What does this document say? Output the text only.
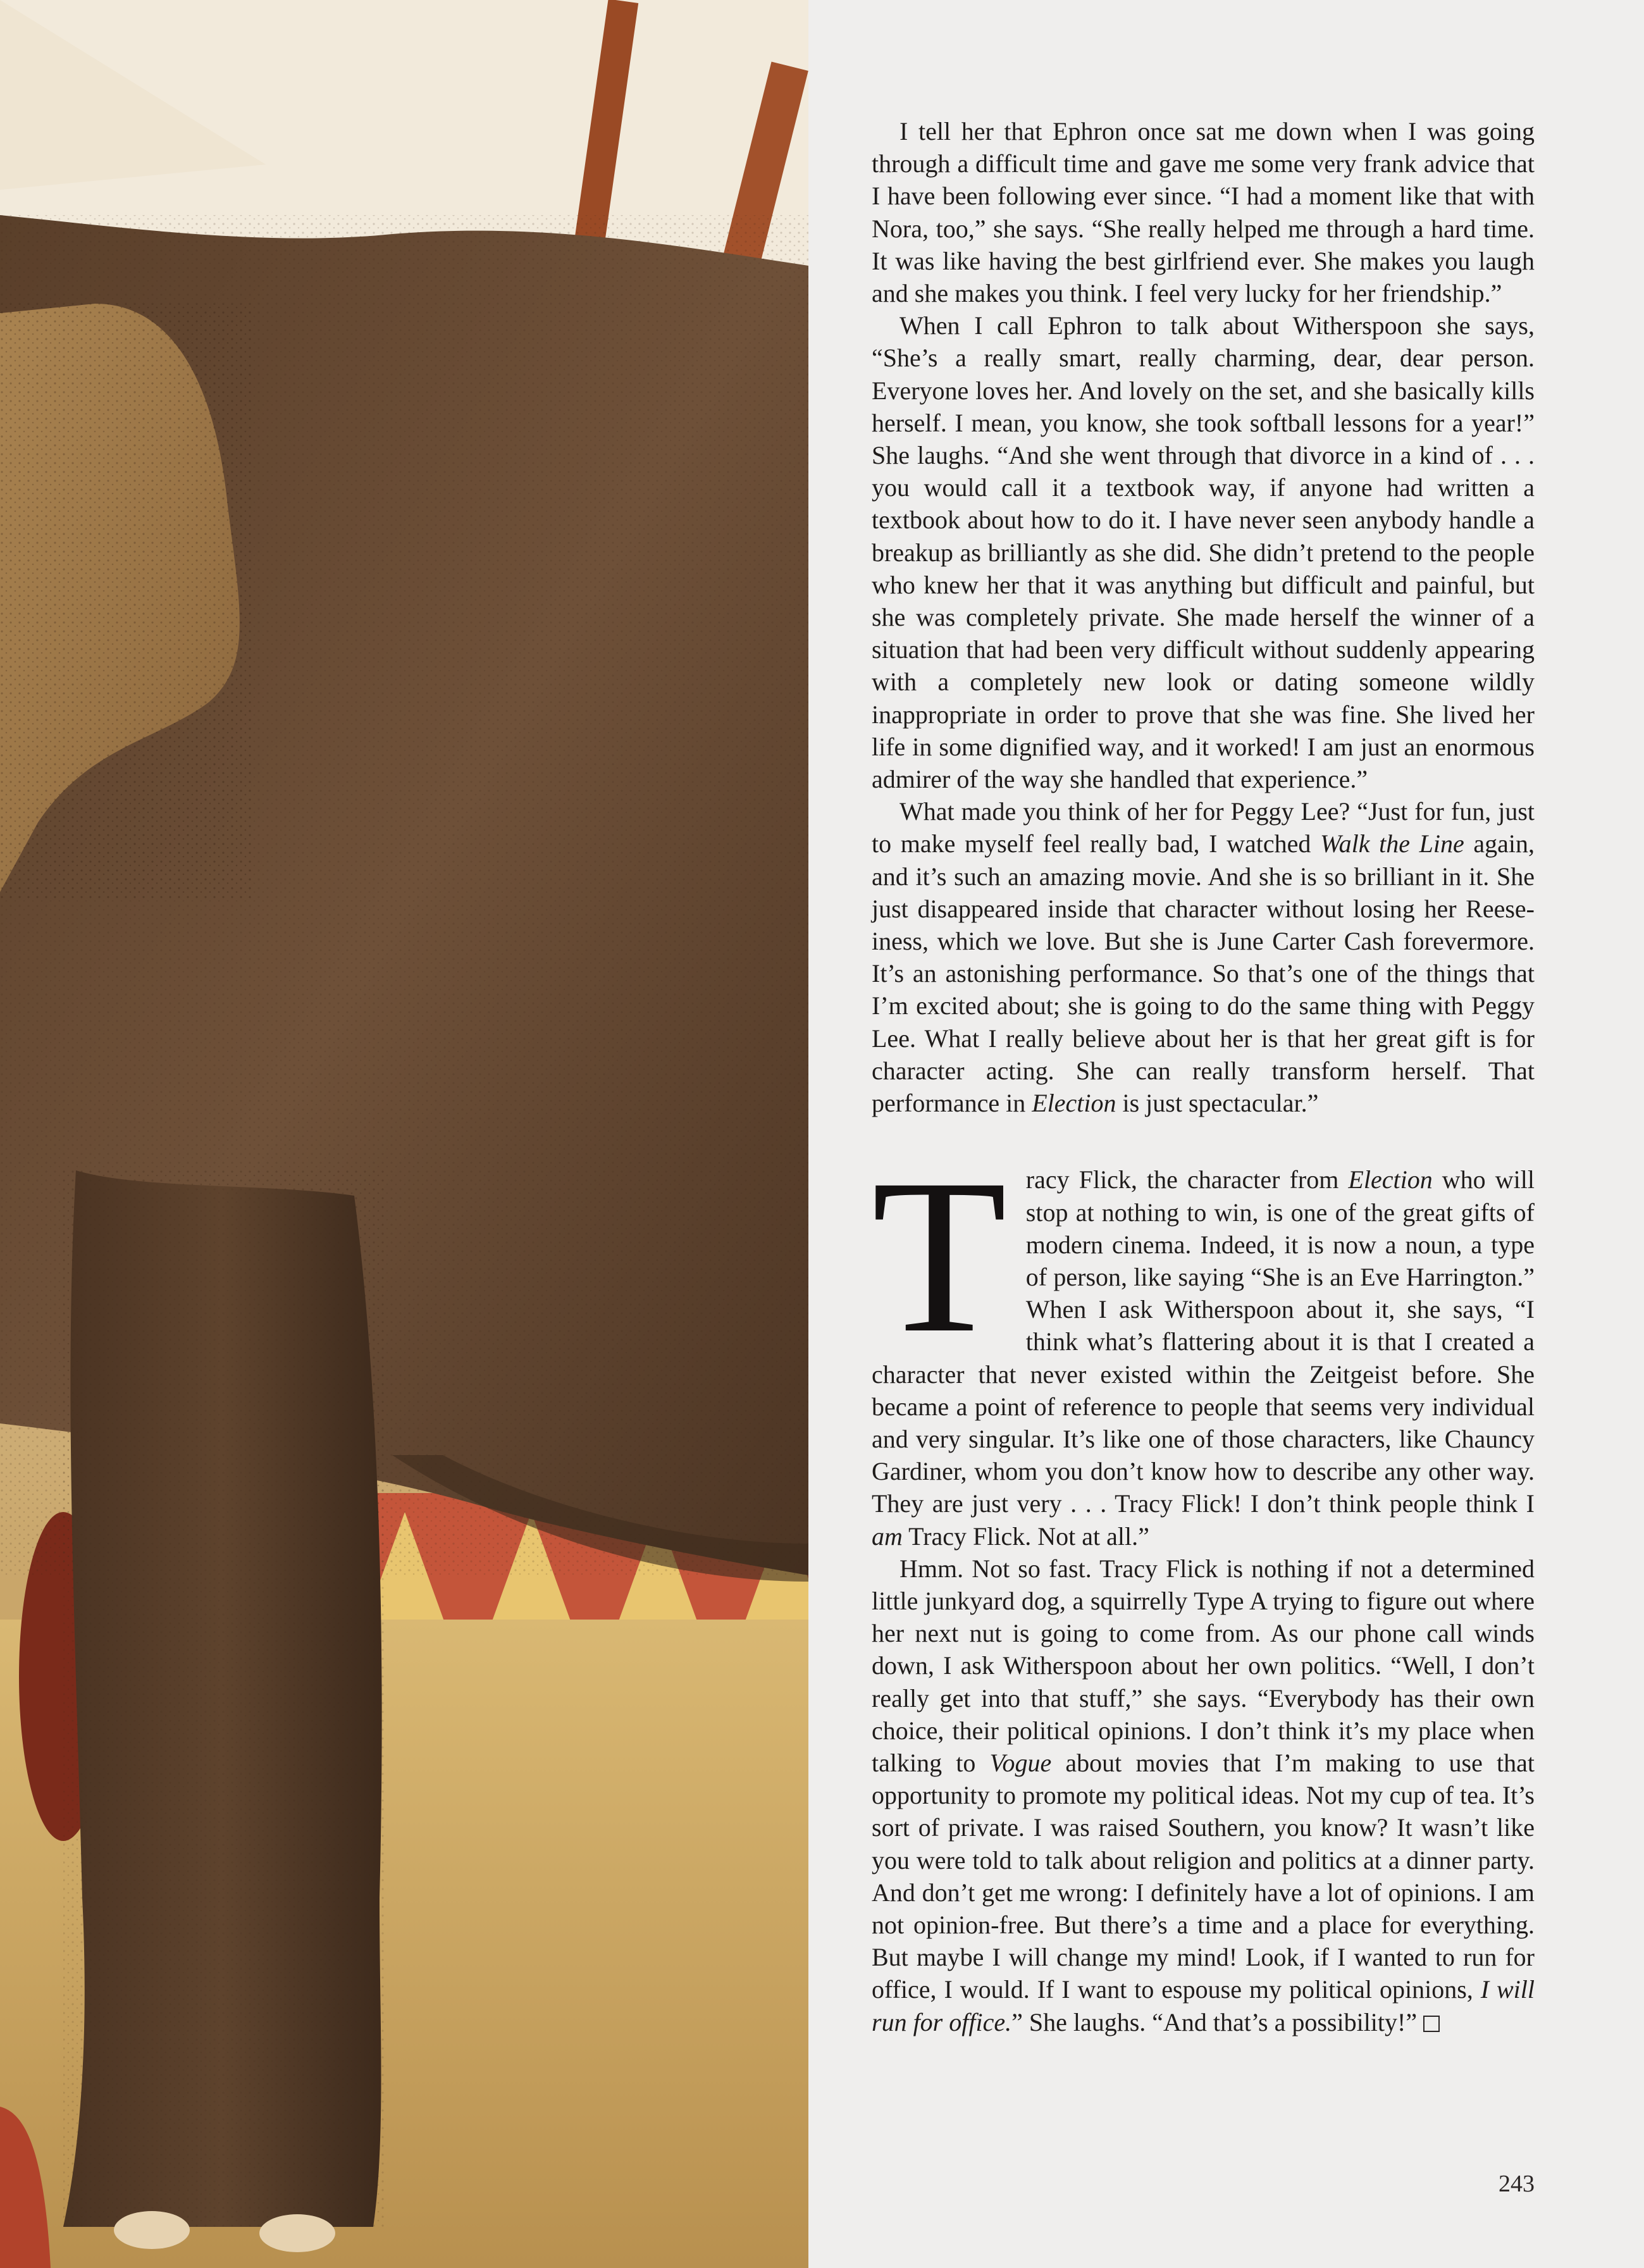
I tell her that Ephron once sat me down when I was going through a difficult time and gave me some very frank advice that I have been following ever since. “I had a moment like that with Nora, too,” she says. “She really helped me through a hard time. It was like having the best girlfriend ever. She makes you laugh and she makes you think. I feel very lucky for her friendship.”

When I call Ephron to talk about Witherspoon she says, “She’s a really smart, really charming, dear, dear person. Everyone loves her. And lovely on the set, and she basically kills herself. I mean, you know, she took softball lessons for a year!” She laughs. “And she went through that divorce in a kind of . . . you would call it a textbook way, if anyone had written a textbook about how to do it. I have never seen anybody handle a breakup as brilliantly as she did. She didn’t pretend to the people who knew her that it was anything but difficult and painful, but she was completely private. She made herself the winner of a situation that had been very difficult without suddenly appearing with a completely new look or dating someone wildly inappropriate in order to prove that she was fine. She lived her life in some dignified way, and it worked! I am just an enormous admirer of the way she handled that experience.”

What made you think of her for Peggy Lee? “Just for fun, just to make myself feel really bad, I watched Walk the Line again, and it’s such an amazing movie. And she is so brilliant in it. She just disappeared inside that character without losing her Reese-iness, which we love. But she is June Carter Cash forevermore. It’s an astonishing performance. So that’s one of the things that I’m excited about; she is going to do the same thing with Peggy Lee. What I really believe about her is that her great gift is for character acting. She can really transform herself. That performance in Election is just spectacular.”

Tracy Flick, the character from Election who will stop at nothing to win, is one of the great gifts of modern cinema. Indeed, it is now a noun, a type of person, like saying “She is an Eve Harrington.” When I ask Witherspoon about it, she says, “I think what’s flattering about it is that I created a character that never existed within the Zeitgeist before. She became a point of reference to people that seems very individual and very singular. It’s like one of those characters, like Chauncy Gardiner, whom you don’t know how to describe any other way. They are just very . . . Tracy Flick! I don’t think people think I am Tracy Flick. Not at all.”

Hmm. Not so fast. Tracy Flick is nothing if not a determined little junkyard dog, a squirrelly Type A trying to figure out where her next nut is going to come from. As our phone call winds down, I ask Witherspoon about her own politics. “Well, I don’t really get into that stuff,” she says. “Everybody has their own choice, their political opinions. I don’t think it’s my place when talking to Vogue about movies that I’m making to use that opportunity to promote my political ideas. Not my cup of tea. It’s sort of private. I was raised Southern, you know? It wasn’t like you were told to talk about religion and politics at a dinner party. And don’t get me wrong: I definitely have a lot of opinions. I am not opinion-free. But there’s a time and a place for everything. But maybe I will change my mind! Look, if I wanted to run for office, I would. If I want to espouse my political opinions, I will run for office.” She laughs. “And that’s a possibility!”

243
